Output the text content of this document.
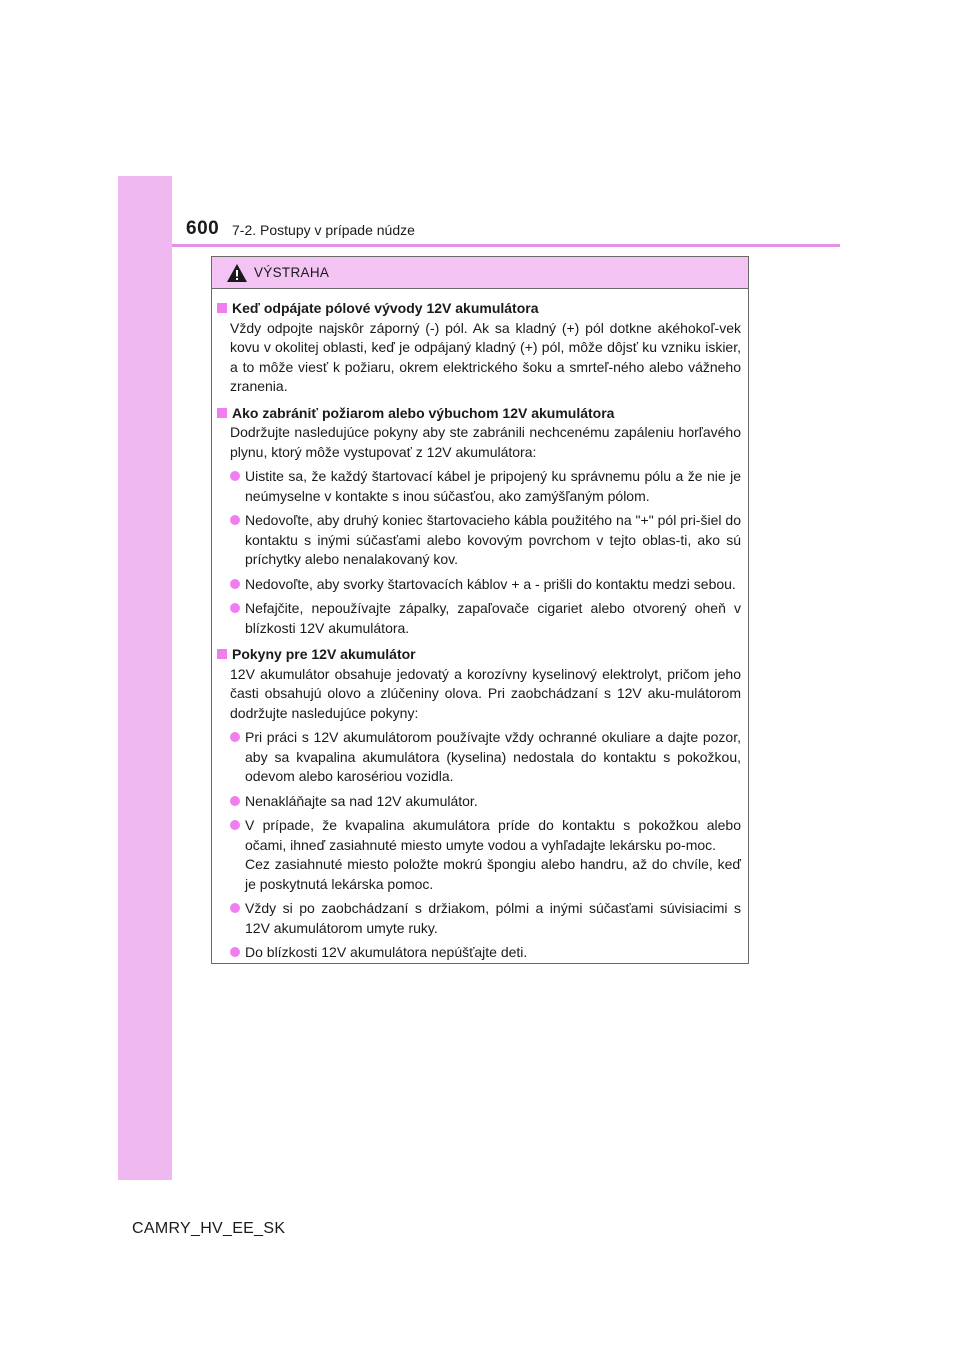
600 7-2. Postupy v prípade núdze
VÝSTRAHA
Keď odpájate pólové vývody 12V akumulátora
Vždy odpojte najskôr záporný (-) pól. Ak sa kladný (+) pól dotkne akéhokoľ-vek kovu v okolitej oblasti, keď je odpájaný kladný (+) pól, môže dôjsť ku vzniku iskier, a to môže viesť k požiaru, okrem elektrického šoku a smrteľ-ného alebo vážneho zranenia.
Ako zabrániť požiarom alebo výbuchom 12V akumulátora
Dodržujte nasledujúce pokyny aby ste zabránili nechcenému zapáleniu horľavého plynu, ktorý môže vystupovať z 12V akumulátora:
Uistite sa, že každý štartovací kábel je pripojený ku správnemu pólu a že nie je neúmyselne v kontakte s inou súčasťou, ako zamýšľaným pólom.
Nedovoľte, aby druhý koniec štartovacieho kábla použitého na "+" pól pri-šiel do kontaktu s inými súčasťami alebo kovovým povrchom v tejto oblas-ti, ako sú príchytky alebo nenalakovaný kov.
Nedovoľte, aby svorky štartovacích káblov + a - prišli do kontaktu medzi sebou.
Nefajčite, nepoužívajte zápalky, zapaľovače cigariet alebo otvorený oheň v blízkosti 12V akumulátora.
Pokyny pre 12V akumulátor
12V akumulátor obsahuje jedovatý a korozívny kyselinový elektrolyt, pričom jeho časti obsahujú olovo a zlúčeniny olova. Pri zaobchádzaní s 12V aku-mulátorom dodržujte nasledujúce pokyny:
Pri práci s 12V akumulátorom používajte vždy ochranné okuliare a dajte pozor, aby sa kvapalina akumulátora (kyselina) nedostala do kontaktu s pokožkou, odevom alebo karosériou vozidla.
Nenakláňajte sa nad 12V akumulátor.
V prípade, že kvapalina akumulátora príde do kontaktu s pokožkou alebo očami, ihneď zasiahnuté miesto umyte vodou a vyhľadajte lekársku po-moc.
Cez zasiahnuté miesto položte mokrú špongiu alebo handru, až do chvíle, keď je poskytnutá lekárska pomoc.
Vždy si po zaobchádzaní s držiakom, pólmi a inými súčasťami súvisiacimi s 12V akumulátorom umyte ruky.
Do blízkosti 12V akumulátora nepúšťajte deti.
CAMRY_HV_EE_SK
